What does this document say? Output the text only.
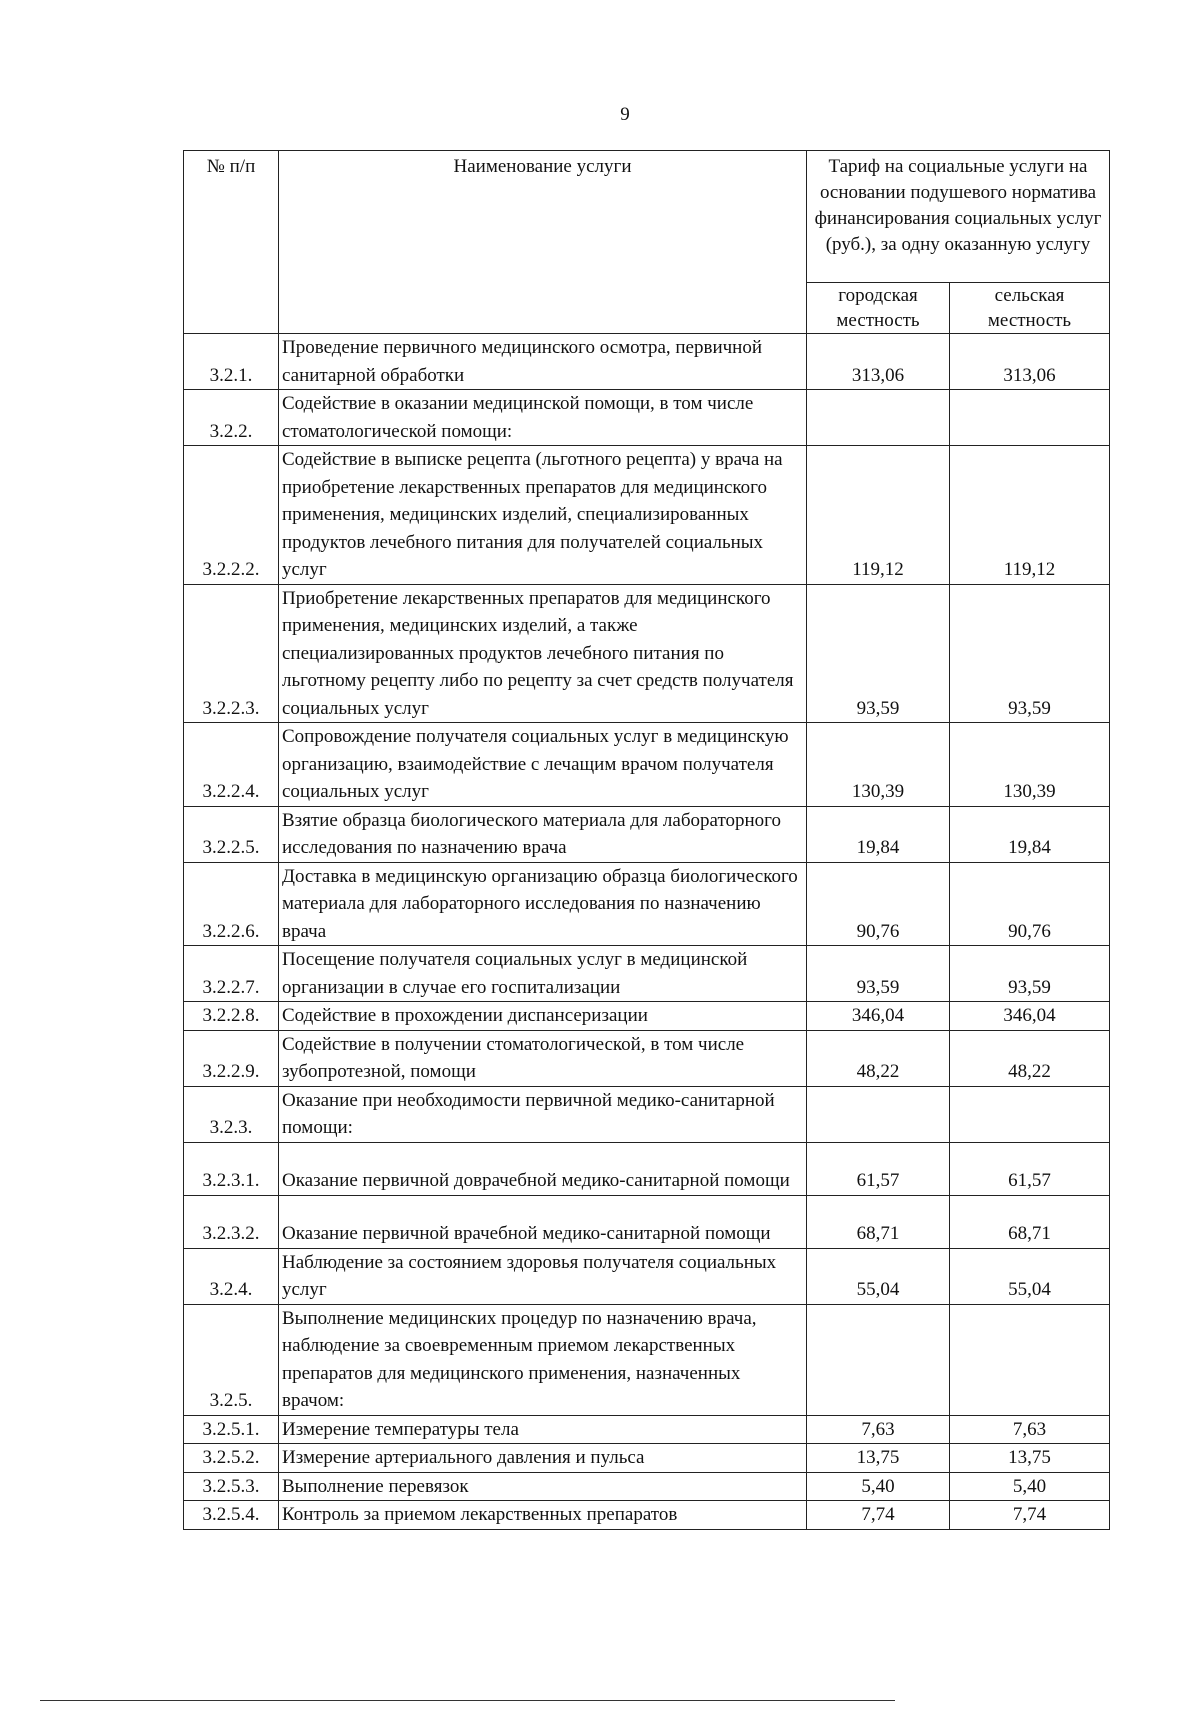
9
№ п/п	Наименование услуги	Тариф на социальные услуги на основании подушевого норматива финансирования социальных услуг (руб.), за одну оказанную услугу	
		городская местность	сельская местность
3.2.1.	Проведение первичного медицинского осмотра, первичной санитарной обработки	313,06	313,06
3.2.2.	Содействие в оказании медицинской помощи, в том числе стоматологической помощи:		
3.2.2.2.	Содействие в выписке рецепта (льготного рецепта) у врача на приобретение лекарственных препаратов для медицинского применения, медицинских изделий, специализированных продуктов лечебного питания для получателей социальных услуг	119,12	119,12
3.2.2.3.	Приобретение лекарственных препаратов для медицинского применения, медицинских изделий, а также специализированных продуктов лечебного питания по льготному рецепту либо по рецепту за счет средств получателя социальных услуг	93,59	93,59
3.2.2.4.	Сопровождение получателя социальных услуг в медицинскую организацию, взаимодействие с лечащим врачом получателя социальных услуг	130,39	130,39
3.2.2.5.	Взятие образца биологического материала для лабораторного исследования по назначению врача	19,84	19,84
3.2.2.6.	Доставка в медицинскую организацию образца биологического материала для лабораторного исследования по назначению врача	90,76	90,76
3.2.2.7.	Посещение получателя социальных услуг в медицинской организации в случае его госпитализации	93,59	93,59
3.2.2.8.	Содействие в прохождении диспансеризации	346,04	346,04
3.2.2.9.	Содействие в получении стоматологической, в том числе зубопротезной, помощи	48,22	48,22
3.2.3.	Оказание при необходимости первичной медико-санитарной помощи:		
3.2.3.1.	Оказание первичной доврачебной медико-санитарной помощи	61,57	61,57
3.2.3.2.	Оказание первичной врачебной медико-санитарной помощи	68,71	68,71
3.2.4.	Наблюдение за состоянием здоровья получателя социальных услуг	55,04	55,04
3.2.5.	Выполнение медицинских процедур по назначению врача, наблюдение за своевременным приемом лекарственных препаратов для медицинского применения, назначенных врачом:		
3.2.5.1.	Измерение температуры тела	7,63	7,63
3.2.5.2.	Измерение артериального давления и пульса	13,75	13,75
3.2.5.3.	Выполнение перевязок	5,40	5,40
3.2.5.4.	Контроль за приемом лекарственных препаратов	7,74	7,74
